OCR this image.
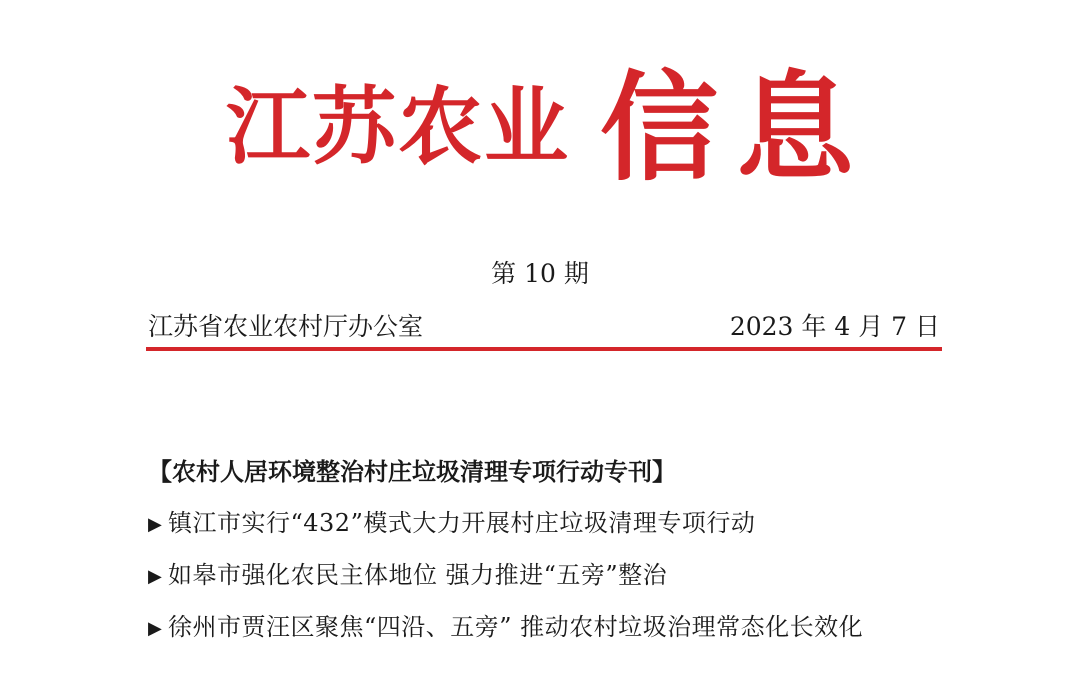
江苏农业 信息
第 10 期
江苏省农业农村厅办公室	2023 年 4 月 7 日
【农村人居环境整治村庄垃圾清理专项行动专刊】
▶ 镇江市实行“432”模式大力开展村庄垃圾清理专项行动
▶ 如皋市强化农民主体地位 强力推进“五旁”整治
▶ 徐州市贾汪区聚焦“四沿、五旁” 推动农村垃圾治理常态化长效化
